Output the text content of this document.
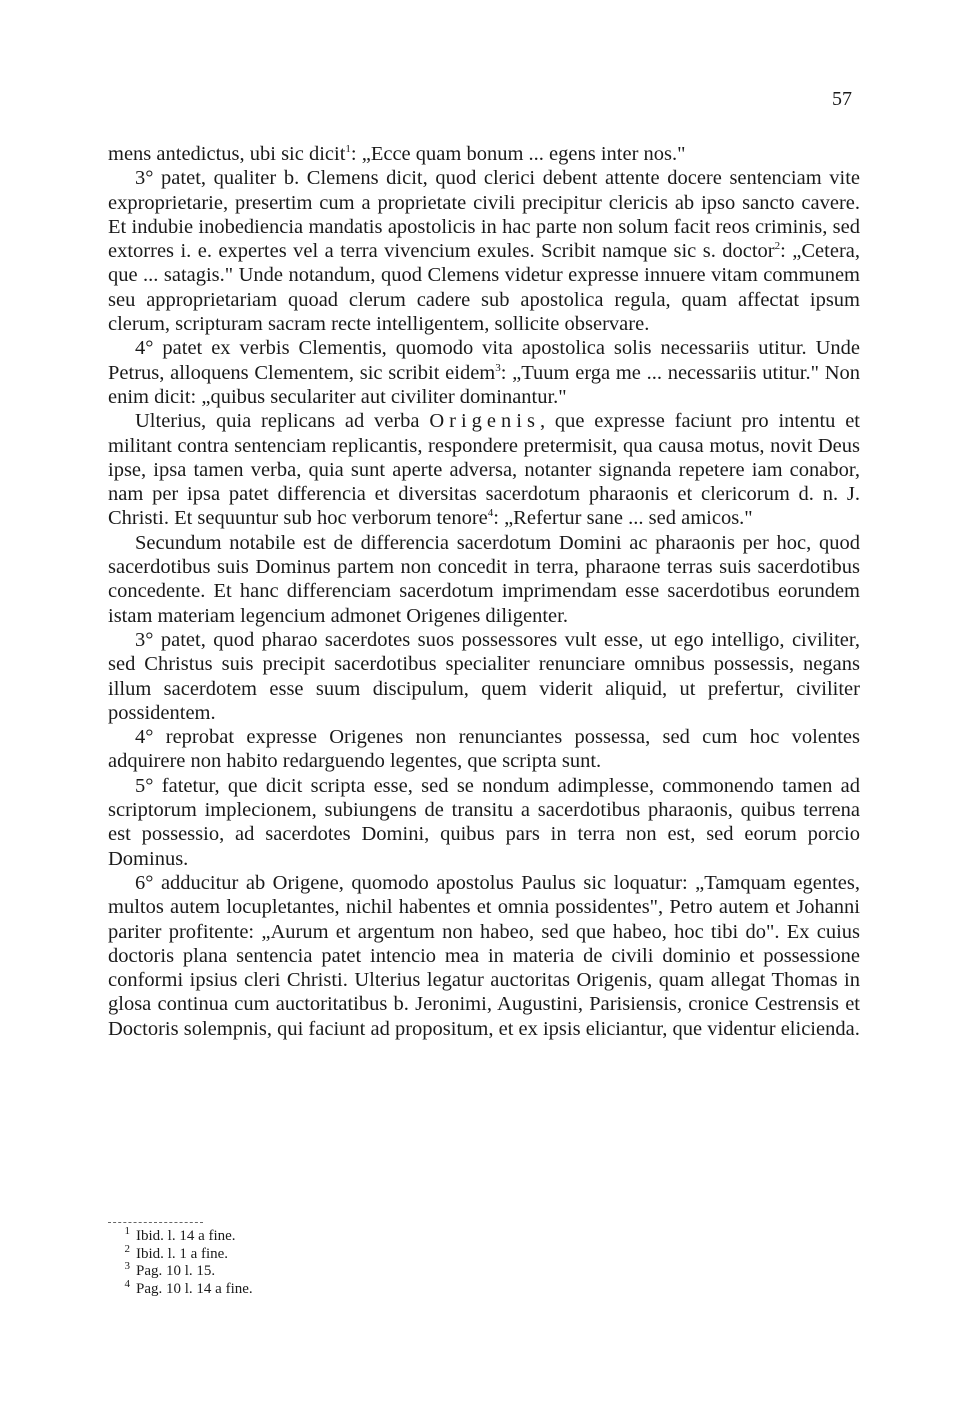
57

mens antedictus, ubi sic dicit$^1$: „Ecce quam bonum ... egens inter nos."

3° patet, qualiter b. Clemens dicit, quod clerici debent attente docere sentenciam vite exproprietarie, presertim cum a proprietate civili precipitur clericis ab ipso sancto cavere. Et indubie inobediencia mandatis apostolicis in hac parte non solum facit reos criminis, sed extorres i. e. expertes vel a terra vivencium exules. Scribit namque sic s. doctor$^2$: „Cetera, que ... satagis." Unde notandum, quod Clemens videtur expresse innuere vitam communem seu approprietariam quoad clerum cadere sub apostolica regula, quam affectat ipsum clerum, scripturam sacram recte intelligentem, sollicite observare.

4° patet ex verbis Clementis, quomodo vita apostolica solis necessariis utitur. Unde Petrus, alloquens Clementem, sic scribit eidem$^3$: „Tuum erga me ... necessariis utitur." Non enim dicit: „quibus seculariter aut civiliter dominantur."

Ulterius, quia replicans ad verba Origenis, que expresse faciunt pro intentu et militant contra sentenciam replicantis, respondere pretermisit, qua causa motus, novit Deus ipse, ipsa tamen verba, quia sunt aperte adversa, notanter signanda repetere iam conabor, nam per ipsa patet differencia et diversitas sacerdotum pharaonis et clericorum d. n. J. Christi. Et sequuntur sub hoc verborum tenore$^4$: „Refertur sane ... sed amicos."

Secundum notabile est de differencia sacerdotum Domini ac pharaonis per hoc, quod sacerdotibus suis Dominus partem non concedit in terra, pharaone terras suis sacerdotibus concedente. Et hanc differenciam sacerdotum imprimendam esse sacerdotibus eorundem istam materiam legencium admonet Origenes diligenter.

3° patet, quod pharao sacerdotes suos possessores vult esse, ut ego intelligo, civiliter, sed Christus suis precipit sacerdotibus specialiter renunciare omnibus possessis, negans illum sacerdotem esse suum discipulum, quem viderit aliquid, ut prefertur, civiliter possidentem.

4° reprobat expresse Origenes non renunciantes possessa, sed cum hoc volentes adquirere non habito redarguendo legentes, que scripta sunt.

5° fatetur, que dicit scripta esse, sed se nondum adimplesse, commonendo tamen ad scriptorum implecionem, subiungens de transitu a sacerdotibus pharaonis, quibus terrena est possessio, ad sacerdotes Domini, quibus pars in terra non est, sed eorum porcio Dominus.

6° adducitur ab Origene, quomodo apostolus Paulus sic loquatur: „Tamquam egentes, multos autem locupletantes, nichil habentes et omnia possidentes", Petro autem et Johanni pariter profitente: „Aurum et argentum non habeo, sed que habeo, hoc tibi do". Ex cuius doctoris plana sentencia patet intencio mea in materia de civili dominio et possessione conformi ipsius cleri Christi. Ulterius legatur auctoritas Origenis, quam allegat Thomas in glosa continua cum auctoritatibus b. Jeronimi, Augustini, Parisiensis, cronice Cestrensis et Doctoris solempnis, qui faciunt ad propositum, et ex ipsis eliciantur, que videntur elicienda.

1 Ibid. l. 14 a fine.
2 Ibid. l. 1 a fine.
3 Pag. 10 l. 15.
4 Pag. 10 l. 14 a fine.
